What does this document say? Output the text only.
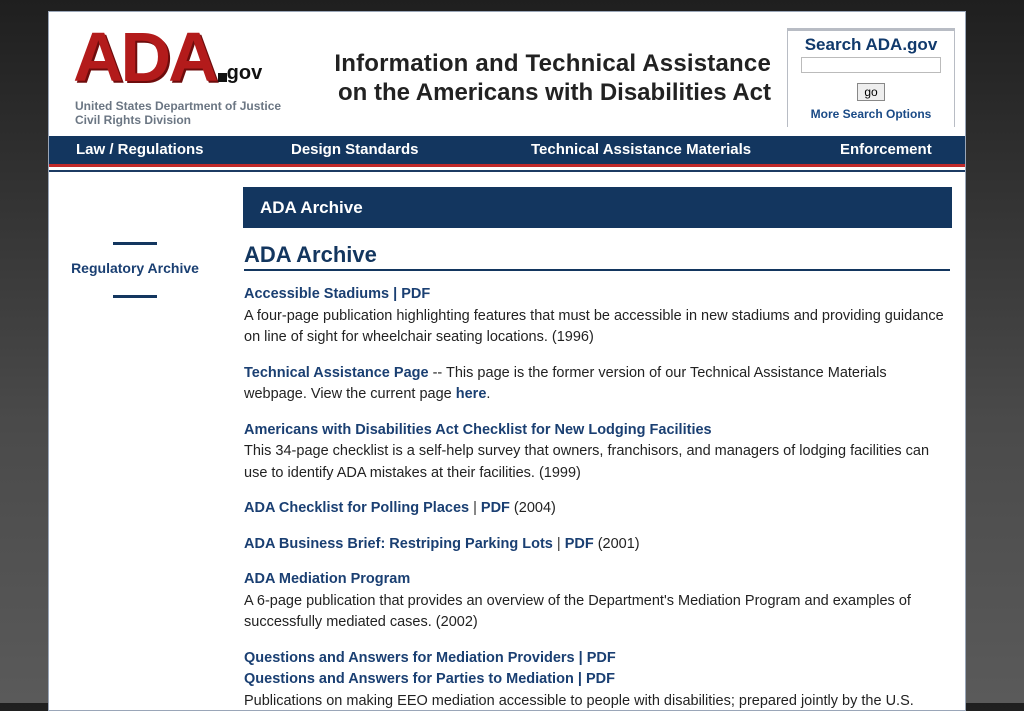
ADA gov
United States Department of Justice
Civil Rights Division
Information and Technical Assistance
on the Americans with Disabilities Act
Search ADA.gov
go
More Search Options
Law / Regulations	Design Standards	Technical Assistance Materials	Enforcement
Regulatory Archive
ADA Archive
ADA Archive
Accessible Stadiums | PDF
A four-page publication highlighting features that must be accessible in new stadiums and providing guidance on line of sight for wheelchair seating locations. (1996)
Technical Assistance Page -- This page is the former version of our Technical Assistance Materials webpage. View the current page here.
Americans with Disabilities Act Checklist for New Lodging Facilities
This 34-page checklist is a self-help survey that owners, franchisors, and managers of lodging facilities can use to identify ADA mistakes at their facilities. (1999)
ADA Checklist for Polling Places | PDF (2004)
ADA Business Brief: Restriping Parking Lots | PDF (2001)
ADA Mediation Program
A 6-page publication that provides an overview of the Department's Mediation Program and examples of successfully mediated cases. (2002)
Questions and Answers for Mediation Providers | PDF
Questions and Answers for Parties to Mediation | PDF
Publications on making EEO mediation accessible to people with disabilities; prepared jointly by the U.S.
